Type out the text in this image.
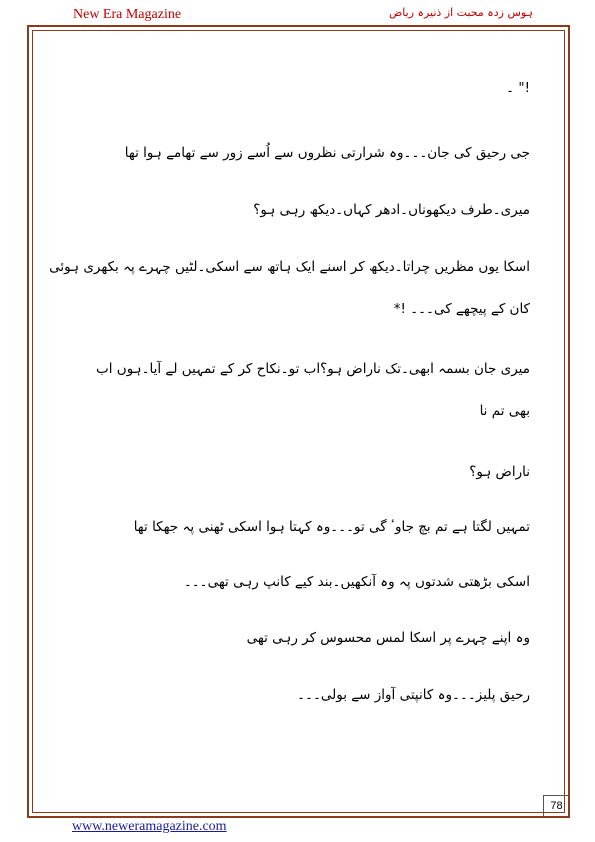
New Era Magazine	ہوس زدہ محبت از ذنیرہ ریاض
!" ۔
جی رحیق کی جان۔۔۔وہ شرارتی نظروں سے اُسے زور سے تھامے ہوا تھا
میری۔طرف دیکھوناں۔ادھر کہاں۔دیکھ رہی ہو؟
اسکا یوں مظریں چراتا۔دیکھ کر اسنے ایک ہاتھ سے اسکی۔لٹیں چہرے پہ بکھری ہوئی
کان کے پیچھے کی۔۔۔ !*
میری جان بسمہ ابھی۔تک ناراض ہو؟اب تو۔نکاح کر کے تمہیں لے آیا۔ہوں اب
بھی تم نا
ناراض ہو؟
تمہیں لگتا ہے تم بچ جاوٴ گی تو۔۔۔وہ کہتا ہوا اسکی ٹھنی پہ جھکا تھا
اسکی بڑھتی شدتوں پہ وہ آنکھیں۔بند کیے کانپ رہی تھی۔۔۔
وہ اپنے چہرے پر اسکا لمس محسوس کر رہی تھی
رحیق پلیز۔۔۔وہ کانپتی آواز سے بولی۔۔۔
78
www.neweramagazine.com
